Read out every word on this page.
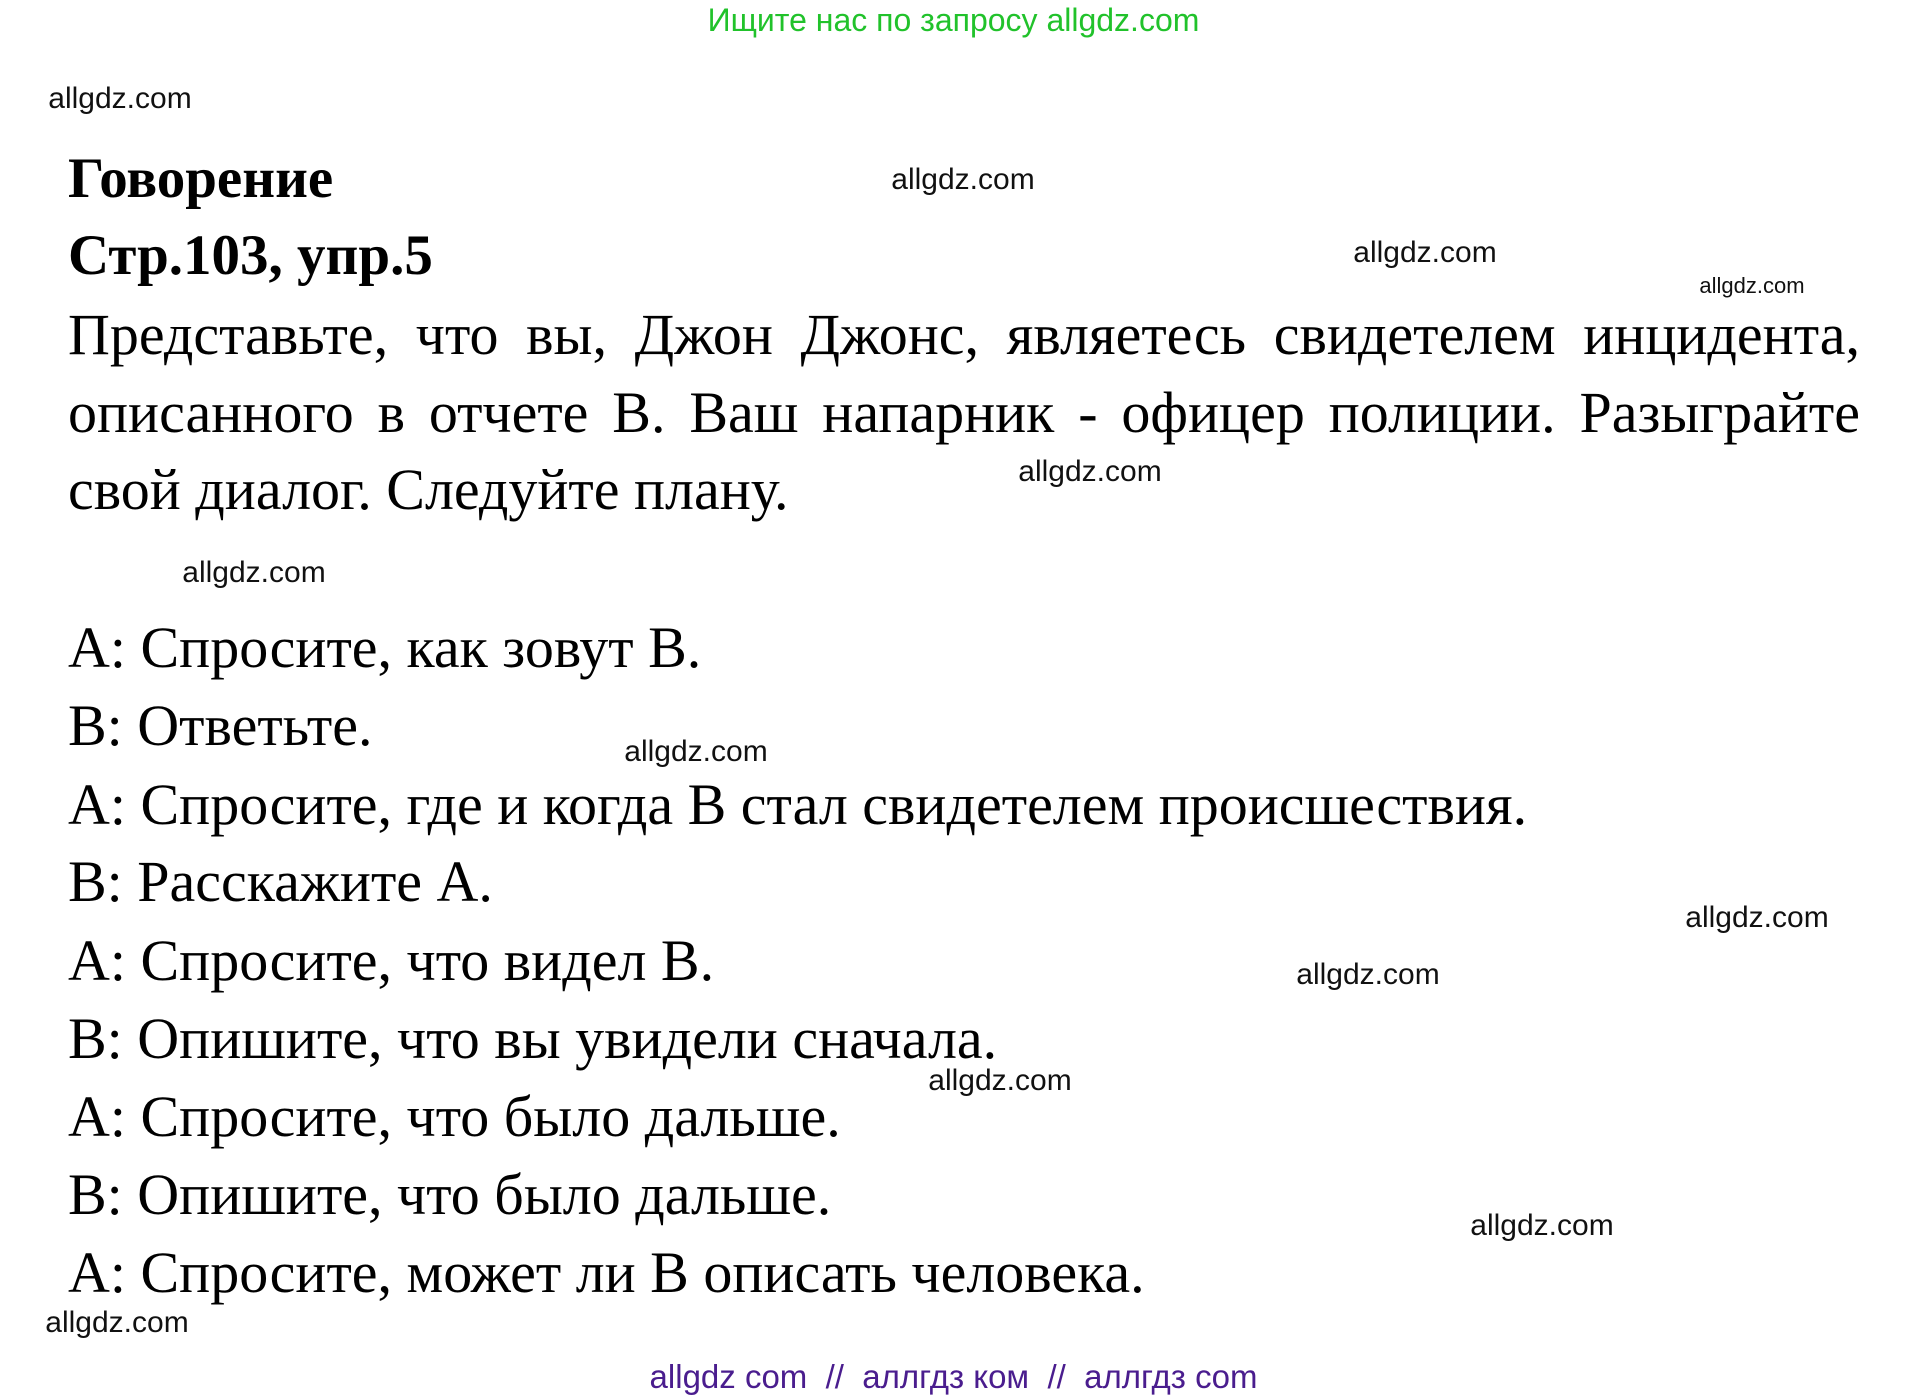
Ищите нас по запросу allgdz.com
Говорение
Стр.103, упр.5
Представьте, что вы, Джон Джонс, являетесь свидетелем инцидента,
описанного в отчете B. Ваш напарник - офицер полиции. Разыграйте
свой диалог. Следуйте плану.
A: Спросите, как зовут B.
B: Ответьте.
A: Спросите, где и когда B стал свидетелем происшествия.
B: Расскажите A.
A: Спросите, что видел B.
B: Опишите, что вы увидели сначала.
A: Спросите, что было дальше.
B: Опишите, что было дальше.
A: Спросите, может ли B описать человека.
allgdz.com
allgdz.com
allgdz.com
allgdz.com
allgdz.com
allgdz.com
allgdz.com
allgdz.com
allgdz.com
allgdz.com
allgdz.com
allgdz.com
allgdz com  //  аллгдз ком  //  аллгдз com
